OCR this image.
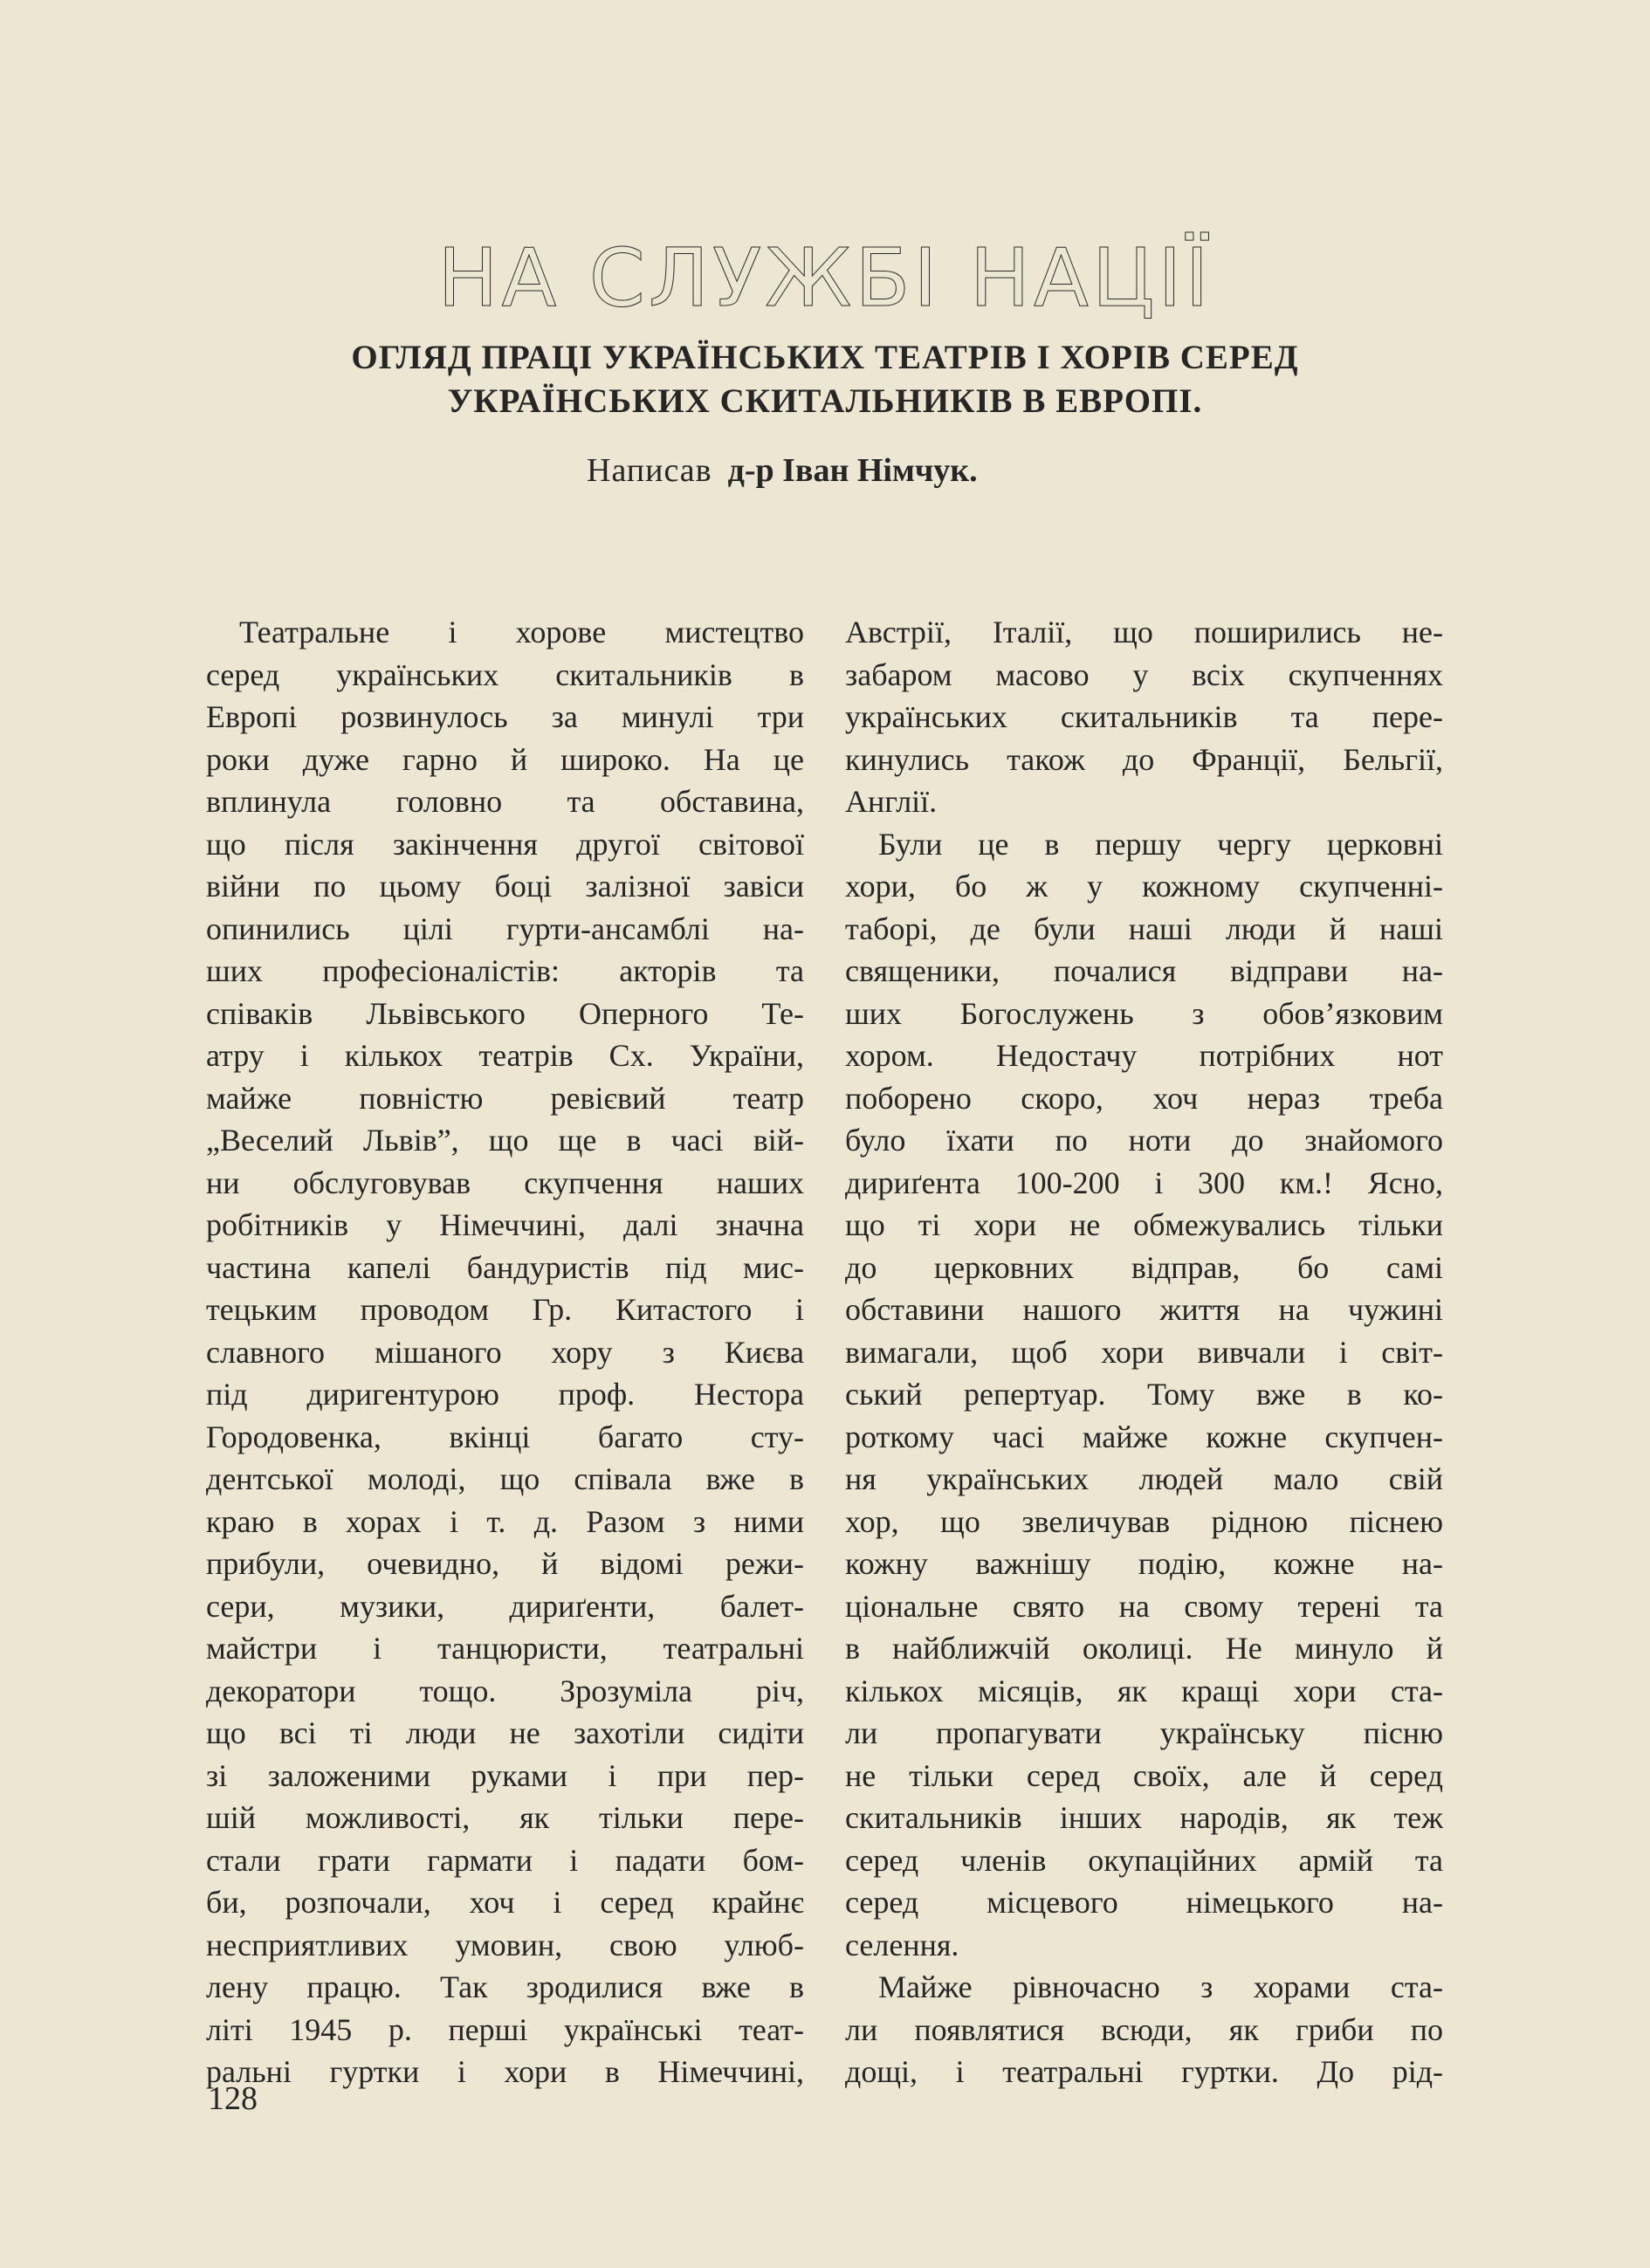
НА СЛУЖБІ НАЦІЇ
ОГЛЯД ПРАЦІ УКРАЇНСЬКИХ ТЕАТРІВ І ХОРІВ СЕРЕД
УКРАЇНСЬКИХ СКИТАЛЬНИКІВ В ЕВРОПІ.
Написав д-р Іван Німчук.
Театральне і хорове мистецтво
серед українських скитальників в
Европі розвинулось за минулі три
роки дуже гарно й широко. На це
вплинула головно та обставина,
що після закінчення другої світової
війни по цьому боці залізної завіси
опинились цілі гурти-ансамблі на-
ших професіоналістів: акторів та
співаків Львівського Оперного Те-
атру і кількох театрів Сх. України,
майже повністю ревієвий театр
„Веселий Львів”, що ще в часі вій-
ни обслуговував скупчення наших
робітників у Німеччині, далі значна
частина капелі бандуристів під мис-
тецьким проводом Гр. Китастого і
славного мішаного хору з Києва
під диригентурою проф. Нестора
Городовенка, вкінці багато сту-
дентської молоді, що співала вже в
краю в хорах і т. д. Разом з ними
прибули, очевидно, й відомі режи-
сери, музики, дириґенти, балет-
майстри і танцюристи, театральні
декоратори тощо. Зрозуміла річ,
що всі ті люди не захотіли сидіти
зі заложеними руками і при пер-
шій можливості, як тільки пере-
стали грати гармати і падати бом-
би, розпочали, хоч і серед крайнє
несприятливих умовин, свою улюб-
лену працю. Так зродилися вже в
літі 1945 р. перші українські теат-
ральні гуртки і хори в Німеччині,
Австрії, Італії, що поширились не-
забаром масово у всіх скупченнях
українських скитальників та пере-
кинулись також до Франції, Бельгії,
Англії.
Були це в першу чергу церковні
хори, бо ж у кожному скупченні-
таборі, де були наші люди й наші
священики, почалися відправи на-
ших Богослужень з обов’язковим
хором. Недостачу потрібних нот
поборено скоро, хоч нераз треба
було їхати по ноти до знайомого
дириґента 100-200 і 300 км.! Ясно,
що ті хори не обмежувались тільки
до церковних відправ, бо самі
обставини нашого життя на чужині
вимагали, щоб хори вивчали і світ-
ський репертуар. Тому вже в ко-
роткому часі майже кожне скупчен-
ня українських людей мало свій
хор, що звеличував рідною піснею
кожну важнішу подію, кожне на-
ціональне свято на свому терені та
в найближчій околиці. Не минуло й
кількох місяців, як кращі хори ста-
ли пропагувати українську пісню
не тільки серед своїх, але й серед
скитальників інших народів, як теж
серед членів окупаційних армій та
серед місцевого німецького на-
селення.
Майже рівночасно з хорами ста-
ли появлятися всюди, як гриби по
дощі, і театральні гуртки. До рід-
128
